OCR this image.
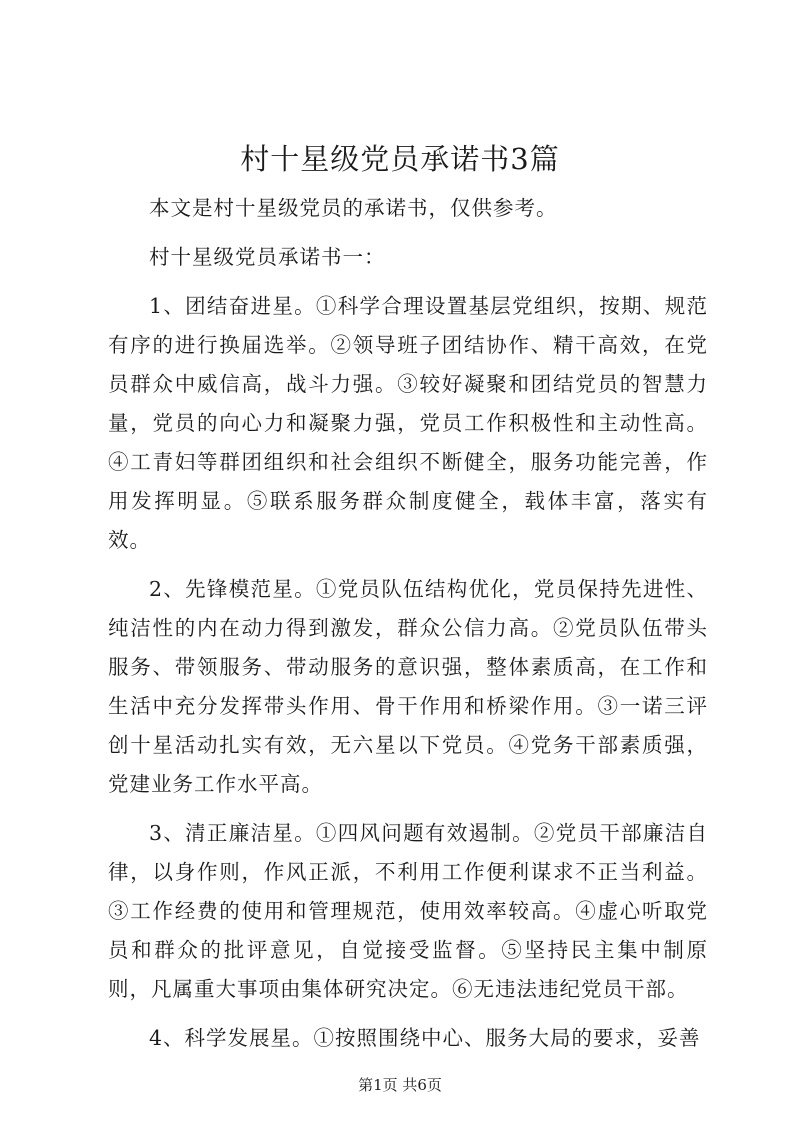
村十星级党员承诺书3篇

本文是村十星级党员的承诺书，仅供参考。

村十星级党员承诺书一：

1、团结奋进星。①科学合理设置基层党组织，按期、规范有序的进行换届选举。②领导班子团结协作、精干高效，在党员群众中威信高，战斗力强。③较好凝聚和团结党员的智慧力量，党员的向心力和凝聚力强，党员工作积极性和主动性高。④工青妇等群团组织和社会组织不断健全，服务功能完善，作用发挥明显。⑤联系服务群众制度健全，载体丰富，落实有效。

2、先锋模范星。①党员队伍结构优化，党员保持先进性、纯洁性的内在动力得到激发，群众公信力高。②党员队伍带头服务、带领服务、带动服务的意识强，整体素质高，在工作和生活中充分发挥带头作用、骨干作用和桥梁作用。③一诺三评创十星活动扎实有效，无六星以下党员。④党务干部素质强，党建业务工作水平高。

3、清正廉洁星。①四风问题有效遏制。②党员干部廉洁自律，以身作则，作风正派，不利用工作便利谋求不正当利益。③工作经费的使用和管理规范，使用效率较高。④虚心听取党员和群众的批评意见，自觉接受监督。⑤坚持民主集中制原则，凡属重大事项由集体研究决定。⑥无违法违纪党员干部。

4、科学发展星。①按照围绕中心、服务大局的要求，妥善

第1页 共6页
